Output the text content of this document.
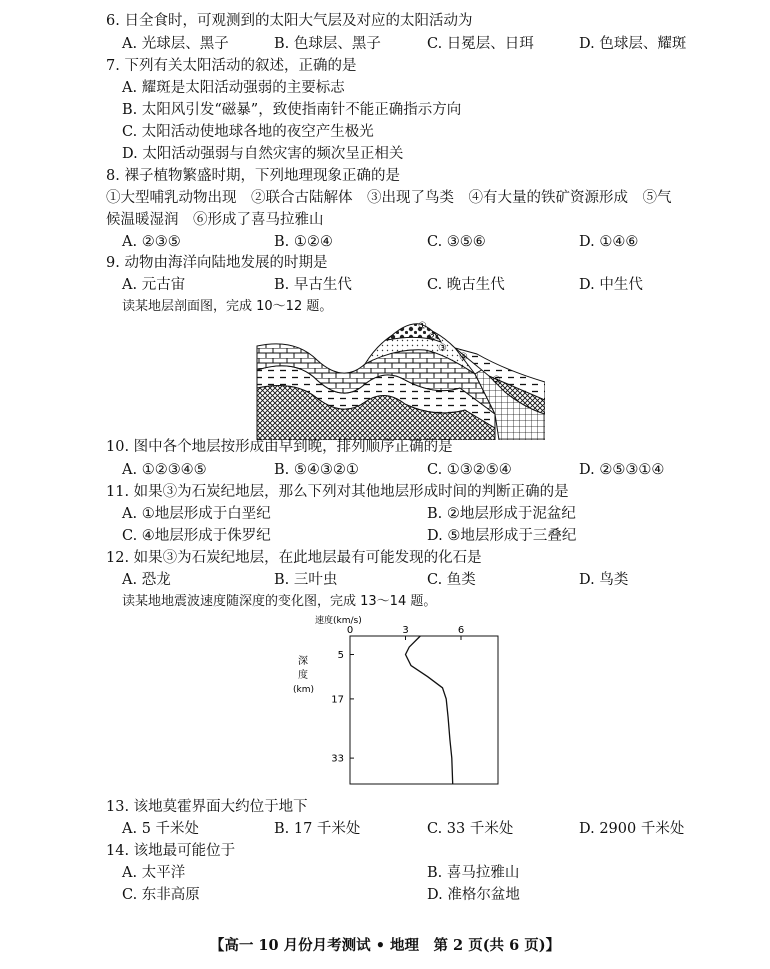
6. 日全食时，可观测到的太阳大气层及对应的太阳活动为
A. 光球层、黑子	B. 色球层、黑子	C. 日冕层、日珥	D. 色球层、耀斑
7. 下列有关太阳活动的叙述，正确的是
A. 耀斑是太阳活动强弱的主要标志
B. 太阳风引发“磁暴”，致使指南针不能正确指示方向
C. 太阳活动使地球各地的夜空产生极光
D. 太阳活动强弱与自然灾害的频次呈正相关
8. 裸子植物繁盛时期，下列地理现象正确的是
①大型哺乳动物出现　②联合古陆解体　③出现了鸟类　④有大量的铁矿资源形成　⑤气
候温暖湿润　⑥形成了喜马拉雅山
A. ②③⑤	B. ①②④	C. ③⑤⑥	D. ①④⑥
9. 动物由海洋向陆地发展的时期是
A. 元古宙	B. 早古生代	C. 晚古生代	D. 中生代
读某地层剖面图，完成 10～12 题。
①
②
③
④
⑤
10. 图中各个地层按形成由早到晚，排列顺序正确的是
A. ①②③④⑤	B. ⑤④③②①	C. ①③②⑤④	D. ②⑤③①④
11. 如果③为石炭纪地层，那么下列对其他地层形成时间的判断正确的是
A. ①地层形成于白垩纪	B. ②地层形成于泥盆纪
C. ④地层形成于侏罗纪	D. ⑤地层形成于三叠纪
12. 如果③为石炭纪地层，在此地层最有可能发现的化石是
A. 恐龙	B. 三叶虫	C. 鱼类	D. 鸟类
读某地地震波速度随深度的变化图，完成 13～14 题。
速度(km/s)
深
度
(km)
0	3	6
5
17
33
13. 该地莫霍界面大约位于地下
A. 5 千米处	B. 17 千米处	C. 33 千米处	D. 2900 千米处
14. 该地最可能位于
A. 太平洋	B. 喜马拉雅山
C. 东非高原	D. 准格尔盆地
【高一 10 月份月考测试 • 地理　第 2 页(共 6 页)】
